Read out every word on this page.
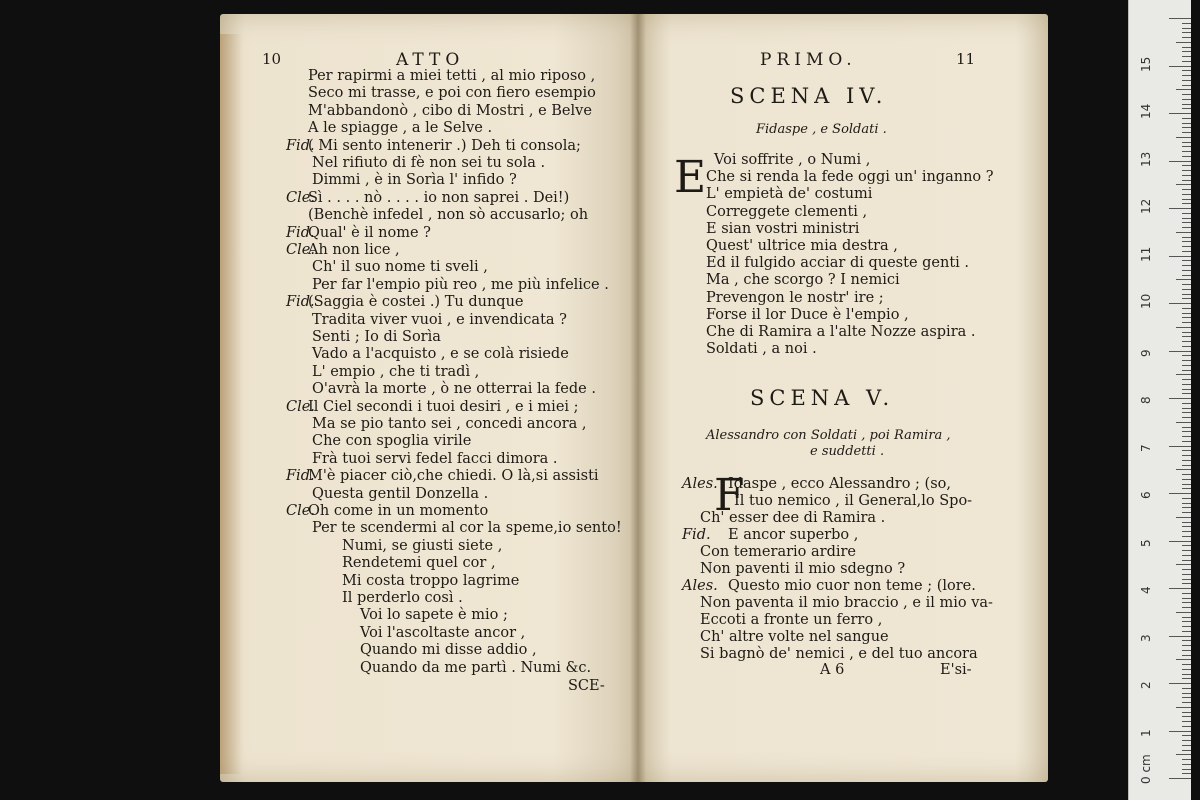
10	ATTO
Per rapirmi a miei tetti , al mio riposo ,
Seco mi trasse, e poi con fiero esempio
M'abbandonò , cibo di Mostri , e Belve
A le spiagge , a le Selve .
Fid.
( Mi sento intenerir .) Deh ti consola;
Nel rifiuto di fè non sei tu sola .
Dimmi , è in Sorìa l' infido ?
Cle.
Sì . . . . nò . . . . io non saprei . Dei!)
(Benchè infedel , non sò accusarlo; oh
Fid.
Qual' è il nome ?
Cle.
Ah non lice ,
Ch' il suo nome ti sveli ,
Per far l'empio più reo , me più infelice .
Fid.
(Saggia è costei .) Tu dunque
Tradita viver vuoi , e invendicata ?
Senti ; Io di Sorìa
Vado a l'acquisto , e se colà risiede
L' empio , che ti tradì ,
O'avrà la morte , ò ne otterrai la fede .
Cle.
Il Ciel secondi i tuoi desiri , e i miei ;
Ma se pio tanto sei , concedi ancora ,
Che con spoglia virile
Frà tuoi servi fedel facci dimora .
Fid.
M'è piacer ciò,che chiedi. O là,si assisti
Questa gentil Donzella .
Cle.
Oh come in un momento
Per te scendermi al cor la speme,io sento!
Numi, se giusti siete ,
Rendetemi quel cor ,
Mi costa troppo lagrime
Il perderlo così .
Voi lo sapete è mio ;
Voi l'ascoltaste ancor ,
Quando mi disse addio ,
Quando da me partì . Numi &c.
SCE-
PRIMO.	11
SCENA IV.
Fidaspe , e Soldati .
E Voi soffrite , o Numi ,
Che si renda la fede oggi un' inganno ?
L' empietà de' costumi
Correggete clementi ,
E sian vostri ministri
Quest' ultrice mia destra ,
Ed il fulgido acciar di queste genti .
Ma , che scorgo ? I nemici
Prevengon le nostr' ire ;
Forse il lor Duce è l'empio ,
Che di Ramira a l'alte Nozze aspira .
Soldati , a noi .
SCENA V.
Alessandro con Soldati , poi Ramira ,
e suddetti .
F
Ales. Idaspe , ecco Alessandro ; (so,
Il tuo nemico , il General,lo Spo-
Ch' esser dee di Ramira .
Fid. E ancor superbo ,
Con temerario ardire
Non paventi il mio sdegno ?
Ales. Questo mio cuor non teme ; (lore.
Non paventa il mio braccio , e il mio va-
Eccoti a fronte un ferro ,
Ch' altre volte nel sangue
Si bagnò de' nemici , e del tuo ancora
A 6	E'si-
0 cm
1
2
3
4
5
6
7
8
9
10
11
12
13
14
15
